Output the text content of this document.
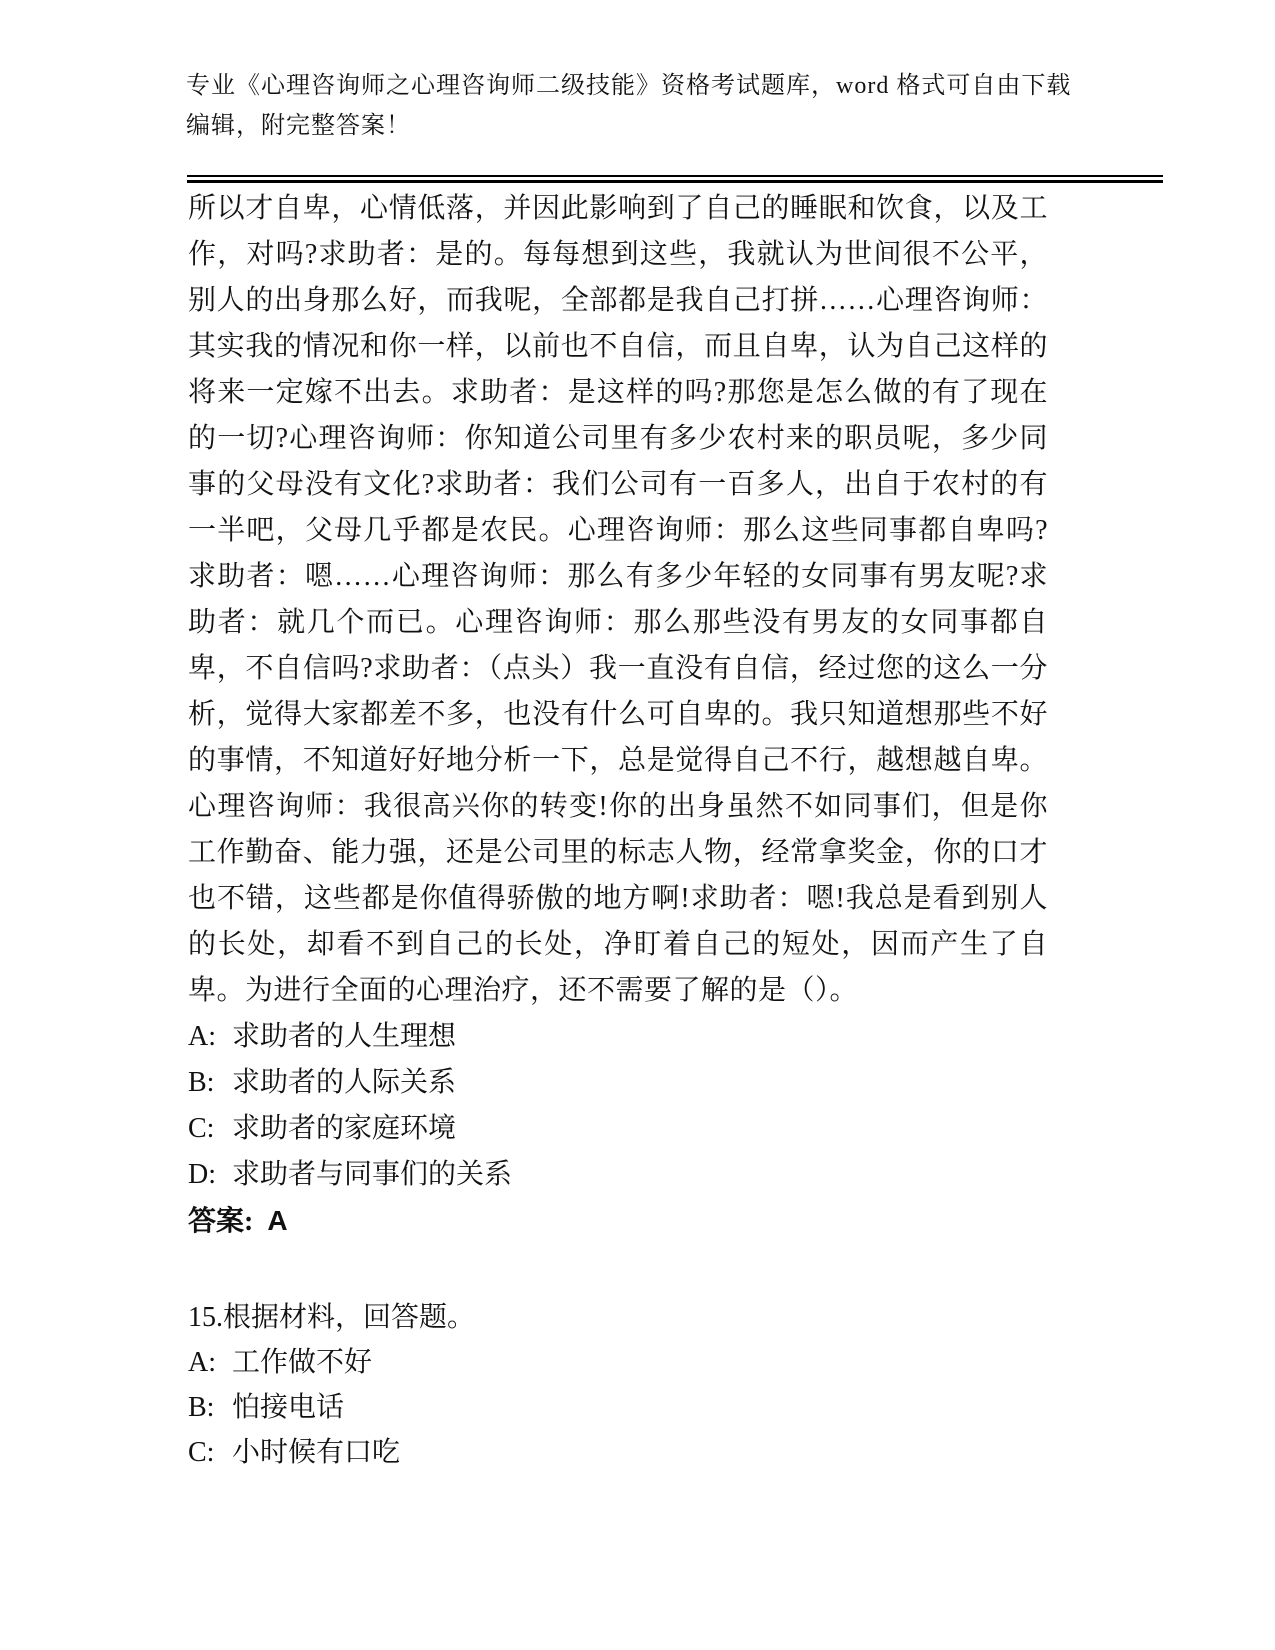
专业《心理咨询师之心理咨询师二级技能》资格考试题库，word 格式可自由下载编辑，附完整答案！
所以才自卑，心情低落，并因此影响到了自己的睡眠和饮食，以及工作，对吗?求助者：是的。每每想到这些，我就认为世间很不公平，别人的出身那么好，而我呢，全部都是我自己打拼……心理咨询师：其实我的情况和你一样，以前也不自信，而且自卑，认为自己这样的将来一定嫁不出去。求助者：是这样的吗?那您是怎么做的有了现在的一切?心理咨询师：你知道公司里有多少农村来的职员呢，多少同事的父母没有文化?求助者：我们公司有一百多人，出自于农村的有一半吧，父母几乎都是农民。心理咨询师：那么这些同事都自卑吗?求助者：嗯……心理咨询师：那么有多少年轻的女同事有男友呢?求助者：就几个而已。心理咨询师：那么那些没有男友的女同事都自卑，不自信吗?求助者：（点头）我一直没有自信，经过您的这么一分析，觉得大家都差不多，也没有什么可自卑的。我只知道想那些不好的事情，不知道好好地分析一下，总是觉得自己不行，越想越自卑。心理咨询师：我很高兴你的转变!你的出身虽然不如同事们，但是你工作勤奋、能力强，还是公司里的标志人物，经常拿奖金，你的口才也不错，这些都是你值得骄傲的地方啊!求助者：嗯!我总是看到别人的长处，却看不到自己的长处，净盯着自己的短处，因而产生了自卑。为进行全面的心理治疗，还不需要了解的是（）。
A: 求助者的人生理想
B: 求助者的人际关系
C: 求助者的家庭环境
D: 求助者与同事们的关系
答案: A
15.根据材料，回答题。
A: 工作做不好
B: 怕接电话
C: 小时候有口吃
